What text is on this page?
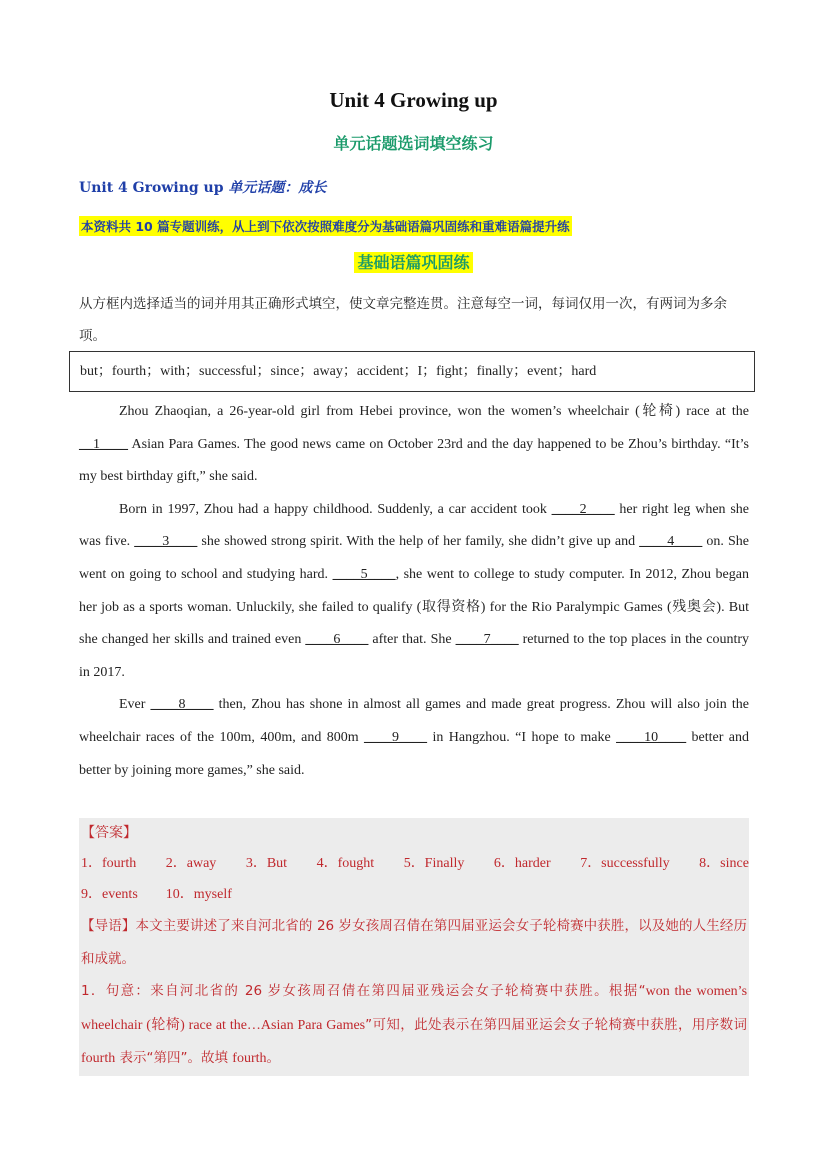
Unit 4 Growing up
单元话题选词填空练习
Unit 4 Growing up 单元话题：成长
本资料共 10 篇专题训练，从上到下依次按照难度分为基础语篇巩固练和重难语篇提升练
基础语篇巩固练
从方框内选择适当的词并用其正确形式填空，使文章完整连贯。注意每空一词，每词仅用一次，有两词为多余项。
but；fourth；with；successful；since；away；accident；I；fight；finally；event；hard

Zhou Zhaoqian, a 26-year-old girl from Hebei province, won the women’s wheelchair (轮椅) race at the __1____ Asian Para Games. The good news came on October 23rd and the day happened to be Zhou’s birthday. “It’s my best birthday gift,” she said.

Born in 1997, Zhou had a happy childhood. Suddenly, a car accident took ____2____ her right leg when she was five. ____3____ she showed strong spirit. With the help of her family, she didn’t give up and ____4____ on. She went on going to school and studying hard. ____5____, she went to college to study computer. In 2012, Zhou began her job as a sports woman. Unluckily, she failed to qualify (取得资格) for the Rio Paralympic Games (残奥会). But she changed her skills and trained even ____6____ after that. She ____7____ returned to the top places in the country in 2017.

Ever ____8____ then, Zhou has shone in almost all games and made great progress. Zhou will also join the wheelchair races of the 100m, 400m, and 800m ____9____ in Hangzhou. “I hope to make ____10____ better and better by joining more games,” she said.

【答案】
1．fourth 2．away 3．But 4．fought 5．Finally 6．harder 7．successfully 8．since
9．events 10．myself
【导语】本文主要讲述了来自河北省的 26 岁女孩周召倩在第四届亚运会女子轮椅赛中获胜，以及她的人生经历和成就。
1．句意：来自河北省的 26 岁女孩周召倩在第四届亚残运会女子轮椅赛中获胜。根据“won the women’s wheelchair (轮椅) race at the…Asian Para Games”可知，此处表示在第四届亚运会女子轮椅赛中获胜，用序数词 fourth 表示“第四”。故填 fourth。
